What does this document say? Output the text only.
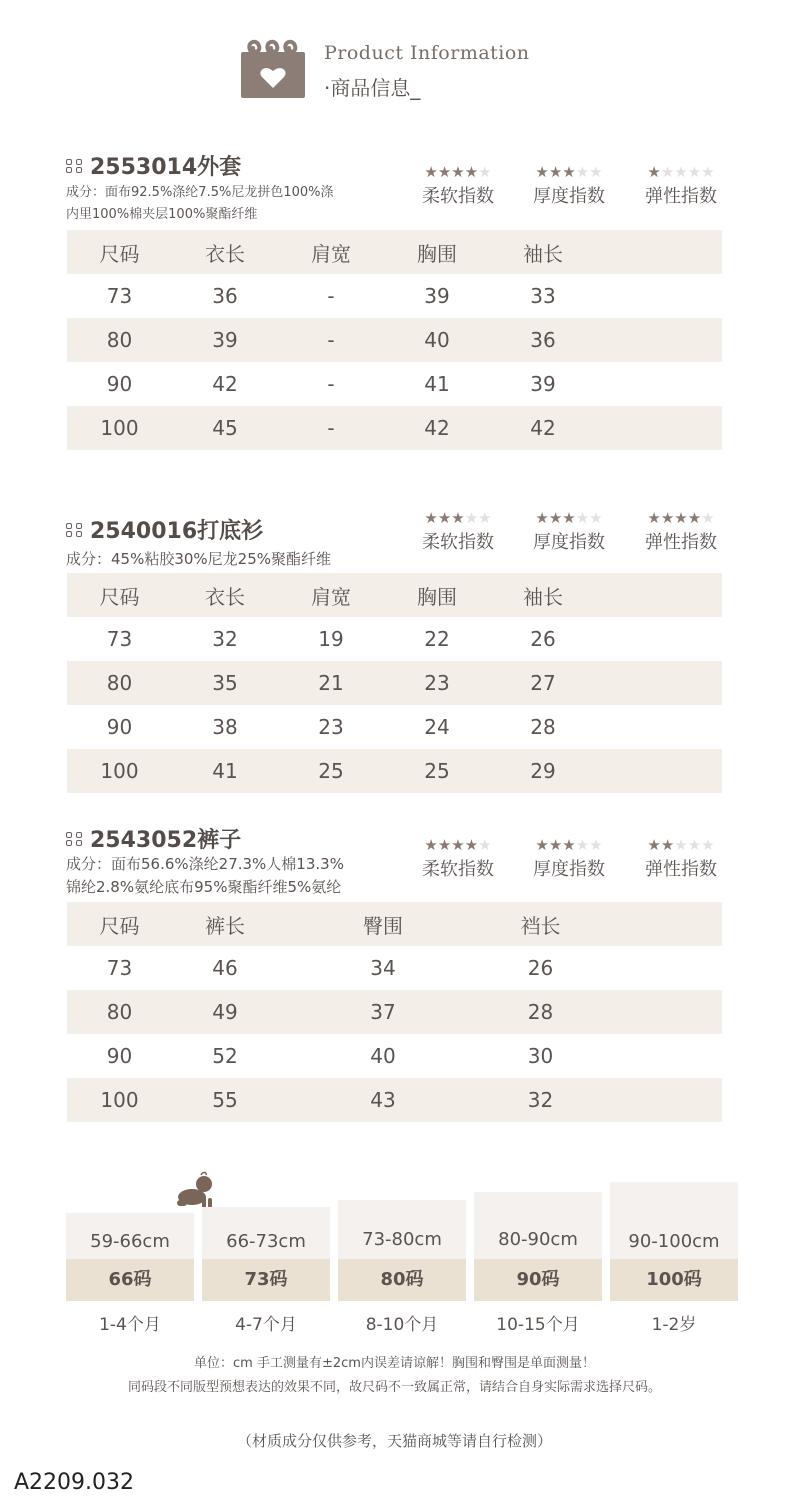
Product Information
·商品信息_
2553014外套
成分：面布92.5%涤纶7.5%尼龙拼色100%涤
内里100%棉夹层100%聚酯纤维
★★★★★
柔软指数
★★★★★
厚度指数
★★★★★
弹性指数
尺码	衣长	肩宽	胸围	袖长	
73	36	-	39	33	
80	39	-	40	36	
90	42	-	41	39	
100	45	-	42	42	
2540016打底衫
成分：45%粘胶30%尼龙25%聚酯纤维
★★★★★
柔软指数
★★★★★
厚度指数
★★★★★
弹性指数
尺码	衣长	肩宽	胸围	袖长	
73	32	19	22	26	
80	35	21	23	27	
90	38	23	24	28	
100	41	25	25	29	
2543052裤子
成分：面布56.6%涤纶27.3%人棉13.3%
锦纶2.8%氨纶底布95%聚酯纤维5%氨纶
★★★★★
柔软指数
★★★★★
厚度指数
★★★★★
弹性指数
尺码	裤长	臀围	裆长	
73	46	34	26	
80	49	37	28	
90	52	40	30	
100	55	43	32	
59-66cm
66码
66-73cm
73码
73-80cm
80码
80-90cm
90码
90-100cm
100码
1-4个月	4-7个月	8-10个月	10-15个月	1-2岁
单位：cm 手工测量有±2cm内误差请谅解！胸围和臀围是单面测量！
同码段不同版型预想表达的效果不同，故尺码不一致属正常，请结合自身实际需求选择尺码。
（材质成分仅供参考，天猫商城等请自行检测）
A2209.032
